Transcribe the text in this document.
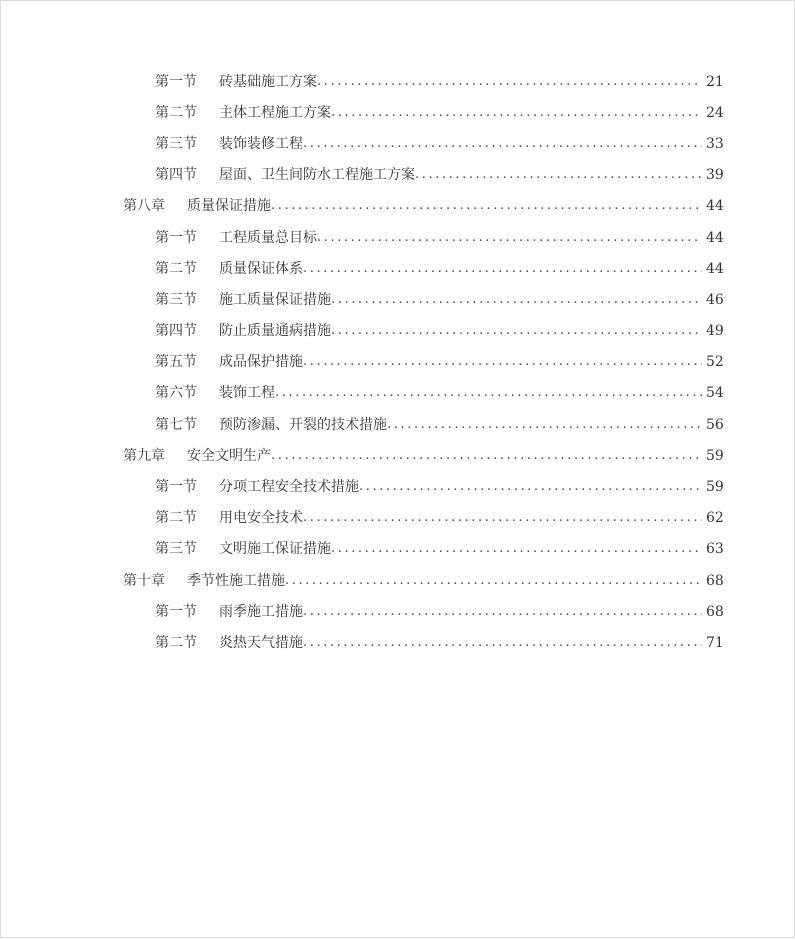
第一节	砖基础施工方案 .....	21
第二节	主体工程施工方案 .....	24
第三节	装饰装修工程 .....	33
第四节	屋面、卫生间防水工程施工方案 .....	39
第八章	质量保证措施 .....	44
第一节	工程质量总目标 .....	44
第二节	质量保证体系 .....	44
第三节	施工质量保证措施 .....	46
第四节	防止质量通病措施 .....	49
第五节	成品保护措施 .....	52
第六节	装饰工程 .....	54
第七节	预防渗漏、开裂的技术措施 .....	56
第九章	安全文明生产 .....	59
第一节	分项工程安全技术措施 .....	59
第二节	用电安全技术 .....	62
第三节	文明施工保证措施 .....	63
第十章	季节性施工措施 .....	68
第一节	雨季施工措施 .....	68
第二节	炎热天气措施 .....	71
